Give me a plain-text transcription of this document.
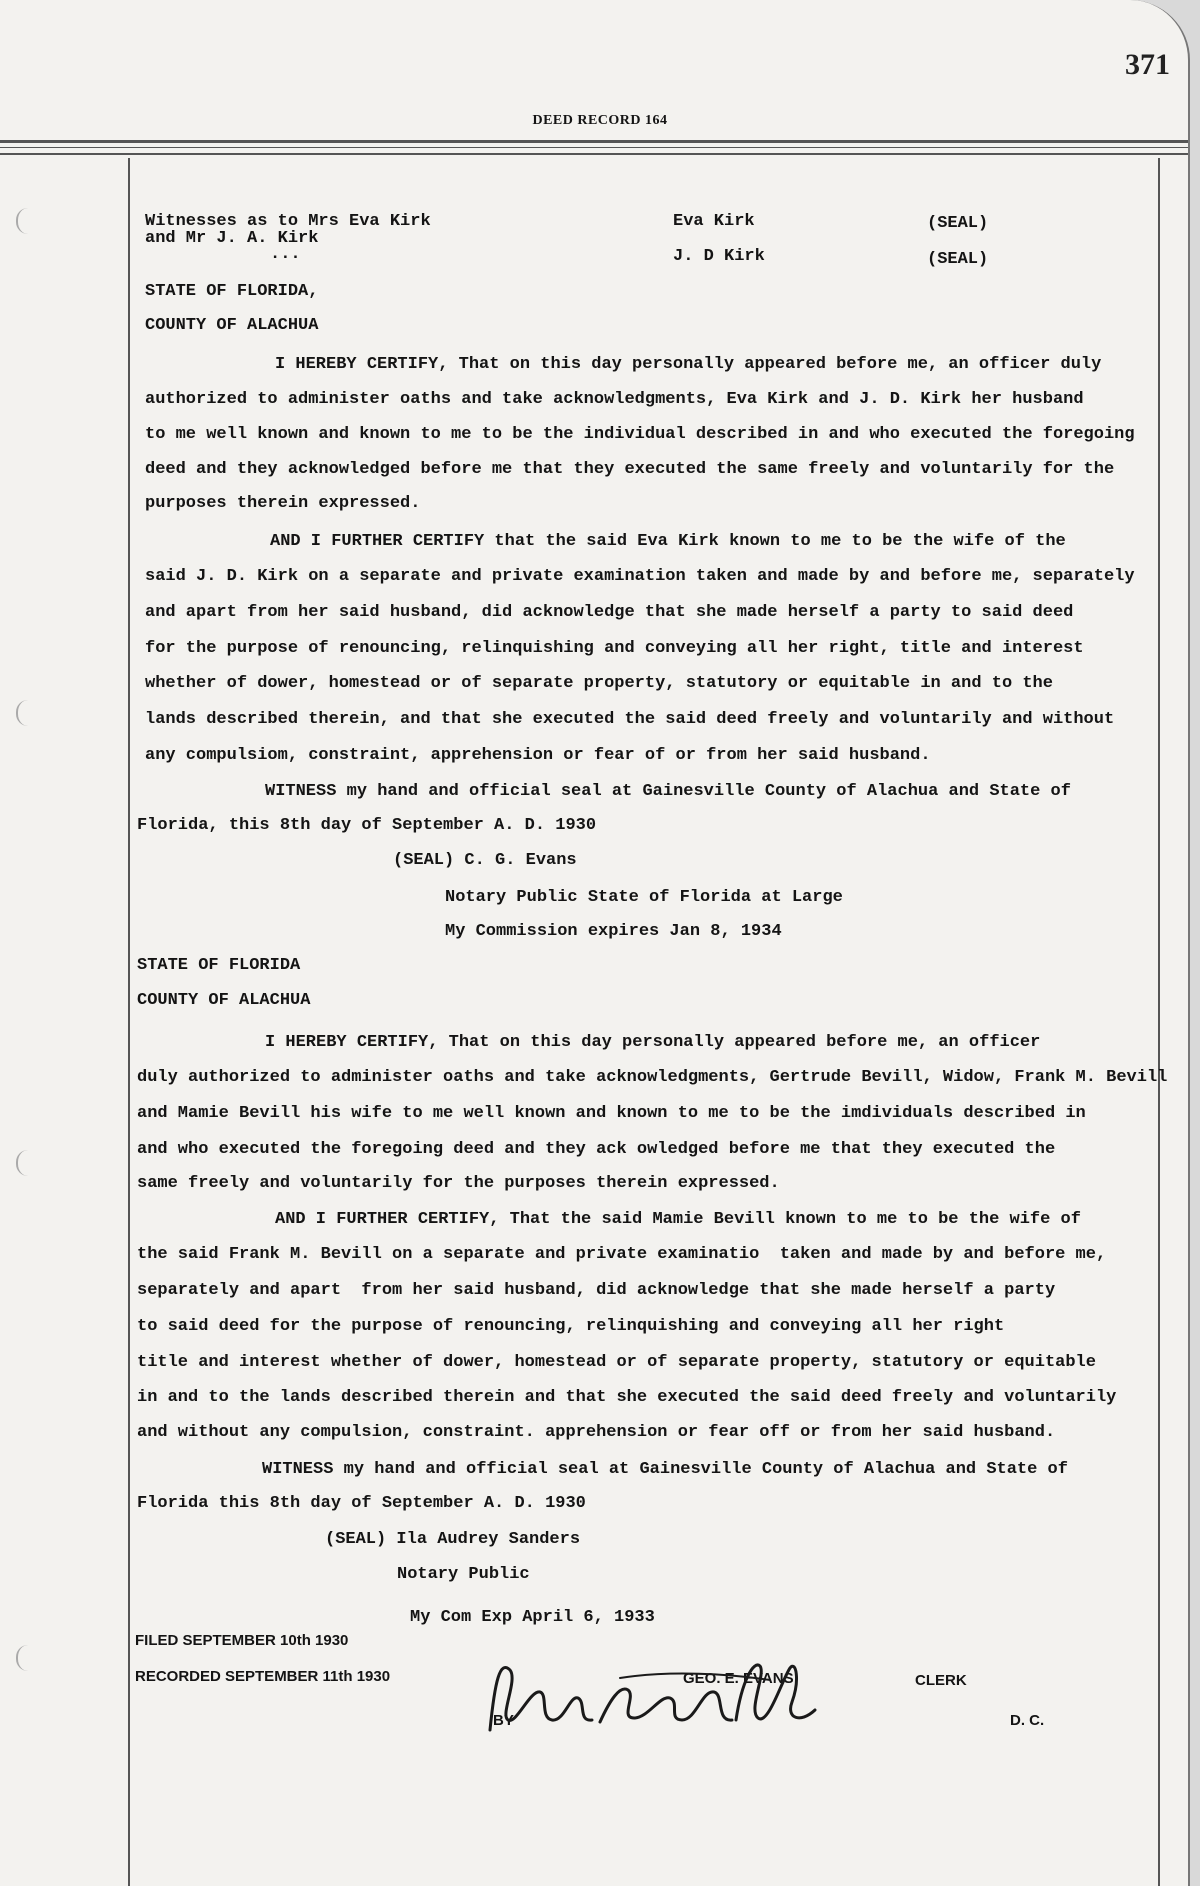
371
DEED RECORD 164
Witnesses as to Mrs Eva Kirk
and Mr J. A. Kirk
...
Eva Kirk	(SEAL)
J. D Kirk	(SEAL)
STATE OF FLORIDA,
COUNTY OF ALACHUA
I HEREBY CERTIFY, That on this day personally appeared before me, an officer duly
authorized to administer oaths and take acknowledgments, Eva Kirk and J. D. Kirk her husband
to me well known and known to me to be the individual described in and who executed the foregoing
deed and they acknowledged before me that they executed the same freely and voluntarily for the
purposes therein expressed.
AND I FURTHER CERTIFY that the said Eva Kirk known to me to be the wife of the
said J. D. Kirk on a separate and private examination taken and made by and before me, separately
and apart from her said husband, did acknowledge that she made herself a party to said deed
for the purpose of renouncing, relinquishing and conveying all her right, title and interest
whether of dower, homestead or of separate property, statutory or equitable in and to the
lands described therein, and that she executed the said deed freely and voluntarily and without
any compulsiom, constraint, apprehension or fear of or from her said husband.
WITNESS my hand and official seal at Gainesville County of Alachua and State of
Florida, this 8th day of September A. D. 1930
(SEAL) C. G. Evans
Notary Public State of Florida at Large
My Commission expires Jan 8, 1934
STATE OF FLORIDA
COUNTY OF ALACHUA
I HEREBY CERTIFY, That on this day personally appeared before me, an officer
duly authorized to administer oaths and take acknowledgments, Gertrude Bevill, Widow, Frank M. Bevill
and Mamie Bevill his wife to me well known and known to me to be the imdividuals described in
and who executed the foregoing deed and they ack owledged before me that they executed the
same freely and voluntarily for the purposes therein expressed.
AND I FURTHER CERTIFY, That the said Mamie Bevill known to me to be the wife of
the said Frank M. Bevill on a separate and private examinatio  taken and made by and before me,
separately and apart  from her said husband, did acknowledge that she made herself a party
to said deed for the purpose of renouncing, relinquishing and conveying all her right
title and interest whether of dower, homestead or of separate property, statutory or equitable
in and to the lands described therein and that she executed the said deed freely and voluntarily
and without any compulsion, constraint. apprehension or fear off or from her said husband.
WITNESS my hand and official seal at Gainesville County of Alachua and State of
Florida this 8th day of September A. D. 1930
(SEAL) Ila Audrey Sanders
Notary Public
My Com Exp April 6, 1933
FILED SEPTEMBER 10th 1930
RECORDED SEPTEMBER 11th 1930
BY
GEO. E. EVANS	CLERK
D. C.
